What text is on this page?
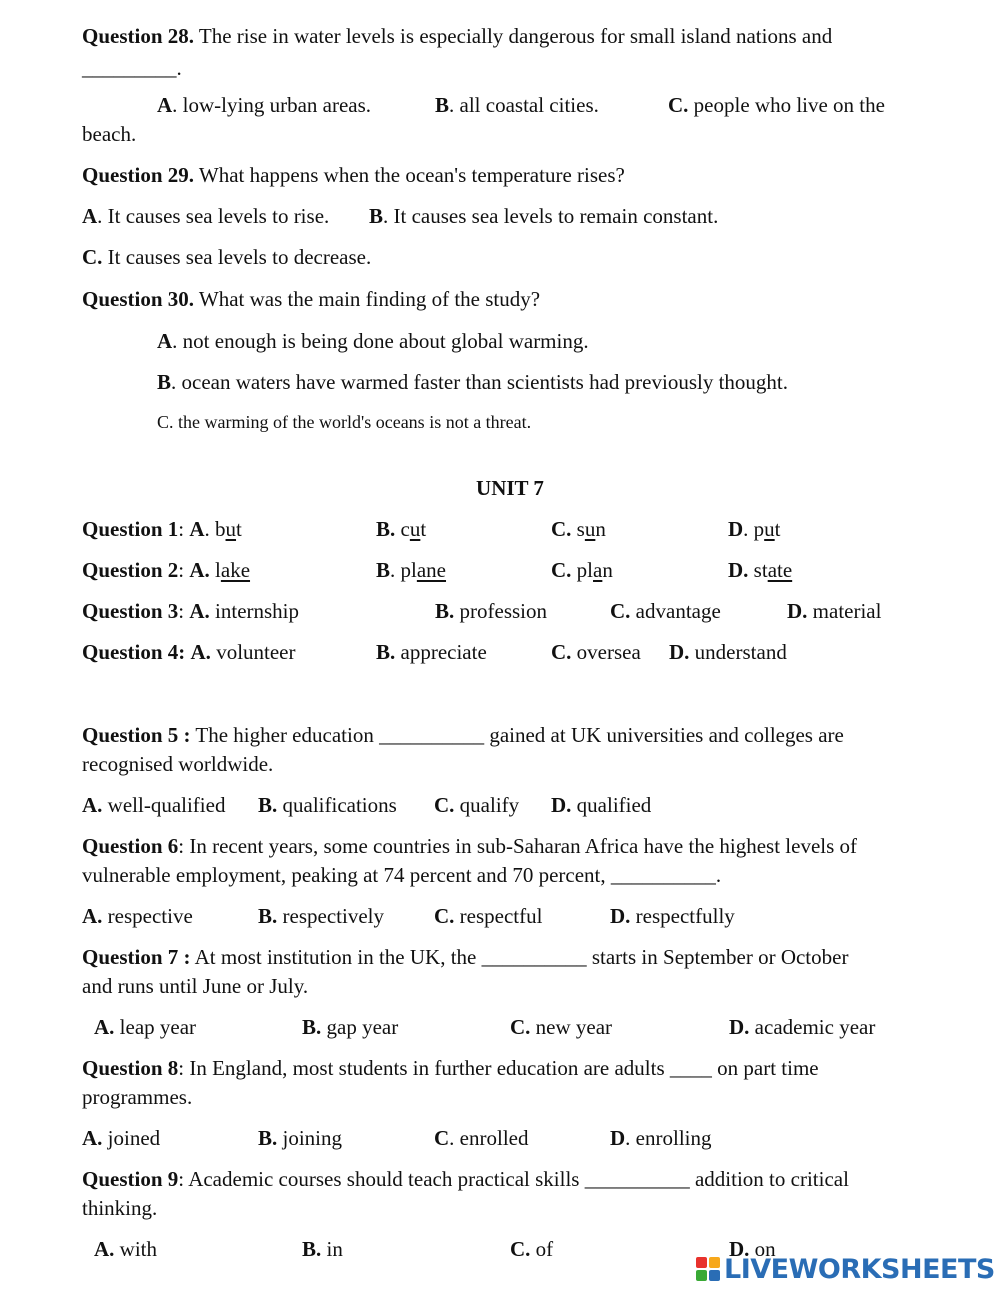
Question 28. The rise in water levels is especially dangerous for small island nations and
_________.
A. low-lying urban areas.	B. all coastal cities.	C. people who live on the
beach.
Question 29. What happens when the ocean's temperature rises?
A. It causes sea levels to rise. B. It causes sea levels to remain constant.
C. It causes sea levels to decrease.
Question 30. What was the main finding of the study?
A. not enough is being done about global warming.
B. ocean waters have warmed faster than scientists had previously thought.
C. the warming of the world's oceans is not a threat.
UNIT 7
Question 1: A. but	B. cut	C. sun	D. put
Question 2: A. lake	B. plane	C. plan	D. state
Question 3: A. internship	B. profession	C. advantage	D. material
Question 4: A. volunteer	B. appreciate	C. oversea D. understand
Question 5 : The higher education __________ gained at UK universities and colleges are
recognised worldwide.
A. well-qualified B. qualifications C. qualify D. qualified
Question 6: In recent years, some countries in sub-Saharan Africa have the highest levels of
vulnerable employment, peaking at 74 percent and 70 percent, __________.
A. respective	B. respectively C. respectful	D. respectfully
Question 7 : At most institution in the UK, the __________ starts in September or October
and runs until June or July.
A. leap year	B. gap year	C. new year	D. academic year
Question 8: In England, most students in further education are adults ____ on part time
programmes.
A. joined	B. joining	C. enrolled	D. enrolling
Question 9: Academic courses should teach practical skills __________ addition to critical
thinking.
A. with	B. in	C. of	D. on
LIVEWORKSHEETS
